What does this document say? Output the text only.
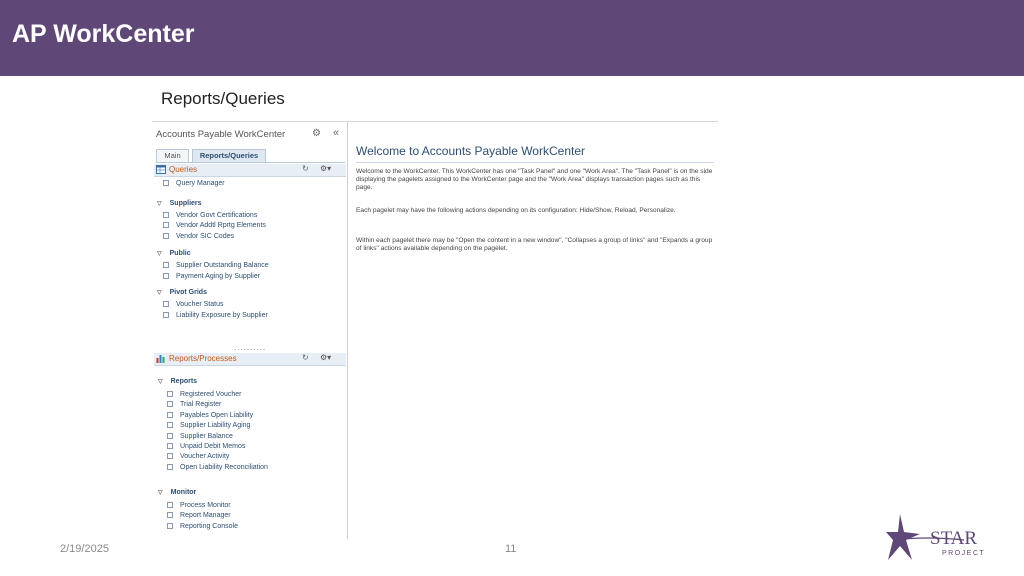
AP WorkCenter
Reports/Queries
Accounts Payable WorkCenter	⚙ «
Main	Reports/Queries
Queries	↻ ⚙▾
Query Manager
▽ Suppliers
Vendor Govt Certifications
Vendor Addtl Rprtg Elements
Vendor SIC Codes
▽ Public
Supplier Outstanding Balance
Payment Aging by Supplier
▽ Pivot Grids
Voucher Status
Liability Exposure by Supplier
..........
Reports/Processes	↻ ⚙▾
▽ Reports
Registered Voucher
Trial Register
Payables Open Liability
Supplier Liability Aging
Supplier Balance
Unpaid Debit Memos
Voucher Activity
Open Liability Reconciliation
▽ Monitor
Process Monitor
Report Manager
Reporting Console
Welcome to Accounts Payable WorkCenter
Welcome to the WorkCenter. This WorkCenter has one "Task Panel" and one "Work Area". The "Task Panel" is on the side displaying the pagelets assigned to the WorkCenter page and the "Work Area" displays transaction pages such as this page.
Each pagelet may have the following actions depending on its configuration: Hide/Show, Reload, Personalize.
Within each pagelet there may be "Open the content in a new window", "Collapses a group of links" and "Expands a group of links" actions available depending on the pagelet.
2/19/2025	11	STAR
PROJECT
